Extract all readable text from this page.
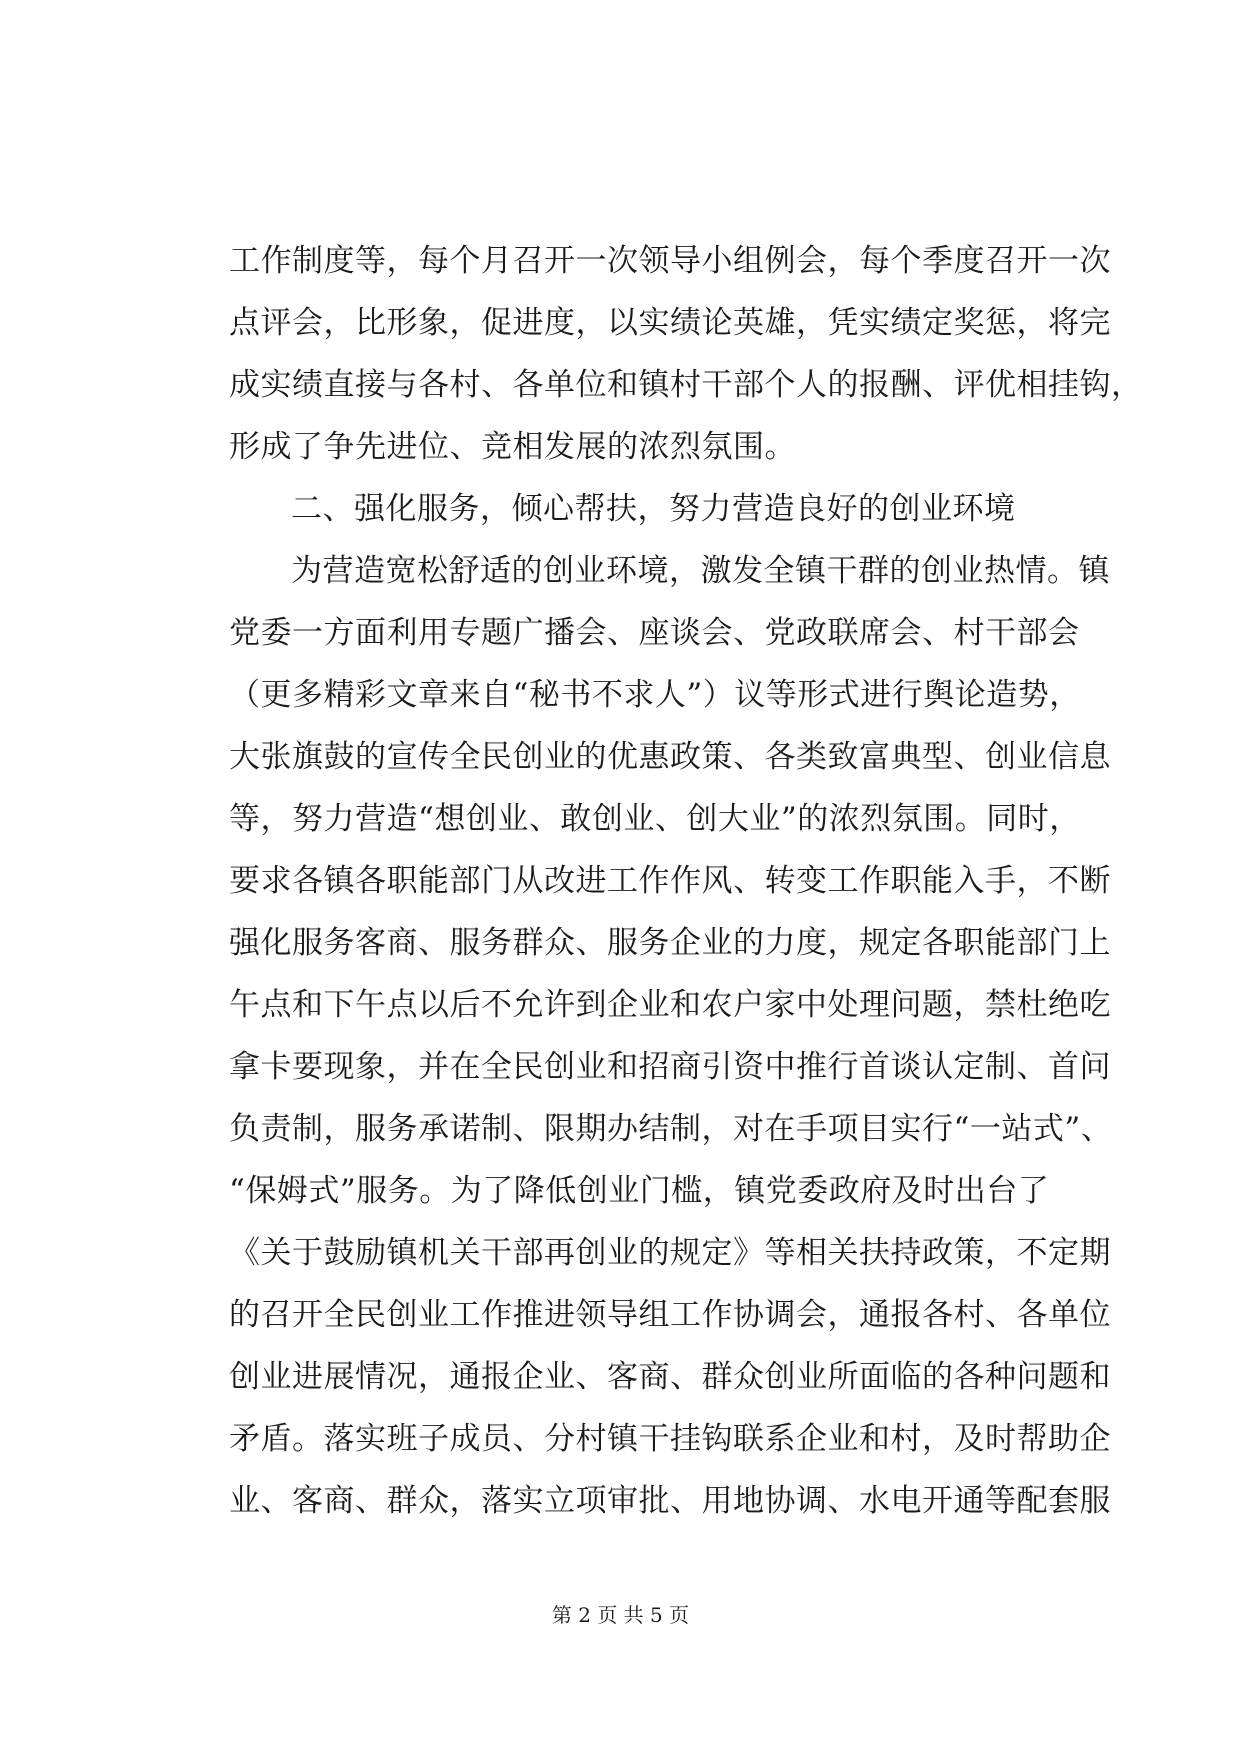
工作制度等，每个月召开一次领导小组例会，每个季度召开一次
点评会，比形象，促进度，以实绩论英雄，凭实绩定奖惩，将完
成实绩直接与各村、各单位和镇村干部个人的报酬、评优相挂钩，
形成了争先进位、竞相发展的浓烈氛围。
二、强化服务，倾心帮扶，努力营造良好的创业环境
为营造宽松舒适的创业环境，激发全镇干群的创业热情。镇
党委一方面利用专题广播会、座谈会、党政联席会、村干部会
（更多精彩文章来自“秘书不求人”）议等形式进行舆论造势，
大张旗鼓的宣传全民创业的优惠政策、各类致富典型、创业信息
等，努力营造“想创业、敢创业、创大业”的浓烈氛围。同时，
要求各镇各职能部门从改进工作作风、转变工作职能入手，不断
强化服务客商、服务群众、服务企业的力度，规定各职能部门上
午点和下午点以后不允许到企业和农户家中处理问题，禁杜绝吃
拿卡要现象，并在全民创业和招商引资中推行首谈认定制、首问
负责制，服务承诺制、限期办结制，对在手项目实行“一站式”、
“保姆式”服务。为了降低创业门槛，镇党委政府及时出台了
《关于鼓励镇机关干部再创业的规定》等相关扶持政策，不定期
的召开全民创业工作推进领导组工作协调会，通报各村、各单位
创业进展情况，通报企业、客商、群众创业所面临的各种问题和
矛盾。落实班子成员、分村镇干挂钩联系企业和村，及时帮助企
业、客商、群众，落实立项审批、用地协调、水电开通等配套服
第 2 页 共 5 页
